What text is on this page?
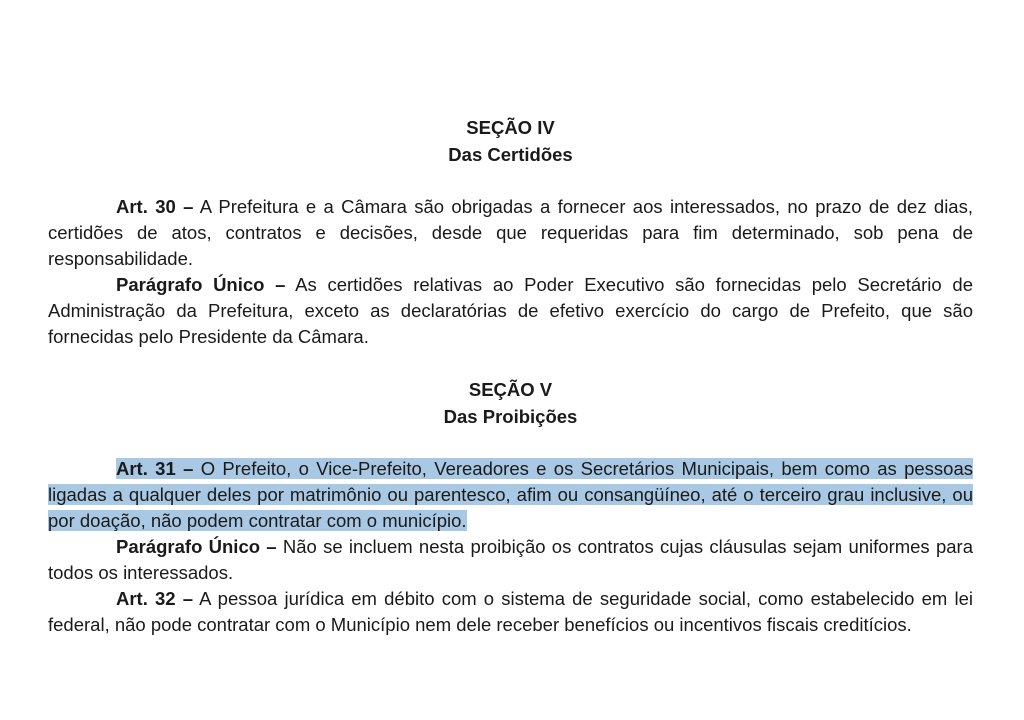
SEÇÃO IV
Das Certidões

Art. 30 – A Prefeitura e a Câmara são obrigadas a fornecer aos interessados, no prazo de dez dias, certidões de atos, contratos e decisões, desde que requeridas para fim determinado, sob pena de responsabilidade.

Parágrafo Único – As certidões relativas ao Poder Executivo são fornecidas pelo Secretário de Administração da Prefeitura, exceto as declaratórias de efetivo exercício do cargo de Prefeito, que são fornecidas pelo Presidente da Câmara.

SEÇÃO V
Das Proibições

Art. 31 – O Prefeito, o Vice-Prefeito, Vereadores e os Secretários Municipais, bem como as pessoas ligadas a qualquer deles por matrimônio ou parentesco, afim ou consangüíneo, até o terceiro grau inclusive, ou por doação, não podem contratar com o município.

Parágrafo Único – Não se incluem nesta proibição os contratos cujas cláusulas sejam uniformes para todos os interessados.

Art. 32 – A pessoa jurídica em débito com o sistema de seguridade social, como estabelecido em lei federal, não pode contratar com o Município nem dele receber benefícios ou incentivos fiscais creditícios.
